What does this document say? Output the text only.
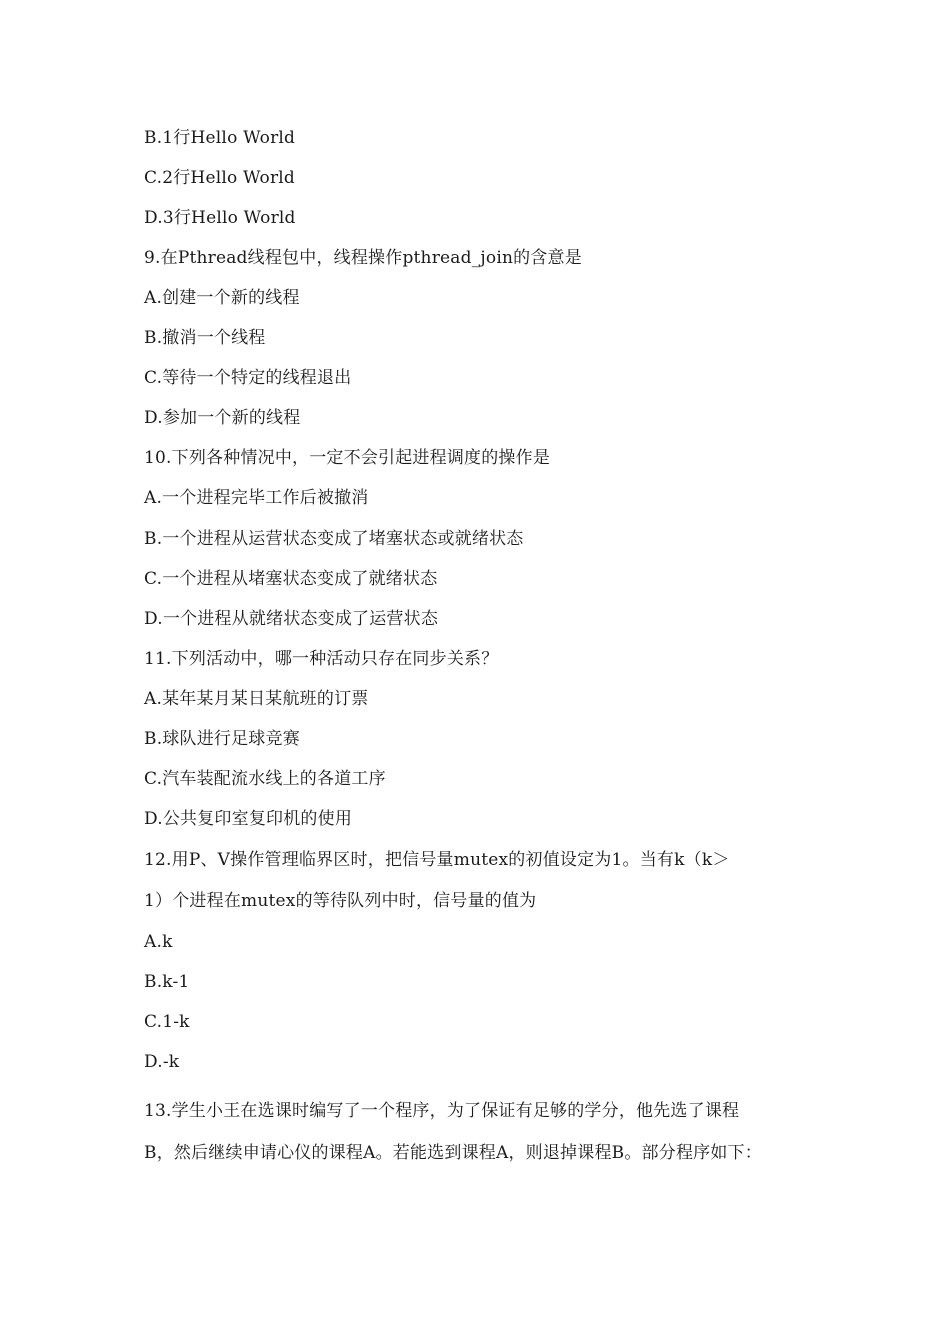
B.1行Hello World
C.2行Hello World
D.3行Hello World
9.在Pthread线程包中，线程操作pthread_join的含意是
A.创建一个新的线程
B.撤消一个线程
C.等待一个特定的线程退出
D.参加一个新的线程
10.下列各种情况中，一定不会引起进程调度的操作是
A.一个进程完毕工作后被撤消
B.一个进程从运营状态变成了堵塞状态或就绪状态
C.一个进程从堵塞状态变成了就绪状态
D.一个进程从就绪状态变成了运营状态
11.下列活动中，哪一种活动只存在同步关系？
A.某年某月某日某航班的订票
B.球队进行足球竞赛
C.汽车装配流水线上的各道工序
D.公共复印室复印机的使用
12.用P、V操作管理临界区时，把信号量mutex的初值设定为1。当有k（k＞
1）个进程在mutex的等待队列中时，信号量的值为
A.k
B.k-1
C.1-k
D.-k
13.学生小王在选课时编写了一个程序，为了保证有足够的学分，他先选了课程
B，然后继续申请心仪的课程A。若能选到课程A，则退掉课程B。部分程序如下：
